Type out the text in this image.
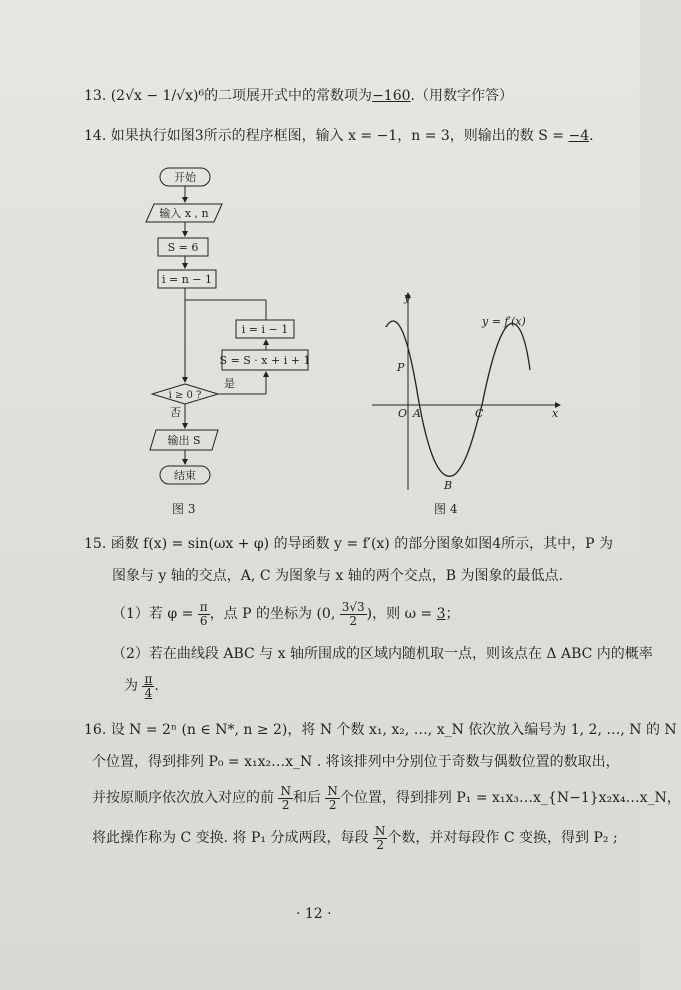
13. (2√x − 1/√x)⁶的二项展开式中的常数项为−160.（用数字作答）
14. 如果执行如图3所示的程序框图，输入 x = −1，n = 3，则输出的数 S = −4.
开始
输入 x , n
S = 6
i = n − 1
i ≥ 0 ?
是
否
S = S · x + i + 1
i = i − 1
输出 S
结束
图 3
y
x
O
y = f′(x)
P
A
B
C
图 4
15. 函数 f(x) = sin(ωx + φ) 的导函数 y = f′(x) 的部分图象如图4所示，其中，P 为
图象与 y 轴的交点，A, C 为图象与 x 轴的两个交点，B 为图象的最低点.
（1）若 $\varphi = \frac{\pi}{6}$ ，点 P 的坐标为 (0, $\frac{3√3}{2}$ )，则 ω = 3；
（2）若在曲线段 ABC 与 x 轴所围成的区域内随机取一点，则该点在 Δ ABC 内的概率
为 $\frac{\pi}{4}$ .
16. 设 N = 2ⁿ (n ∈ N*, n ≥ 2)，将 N 个数 x₁, x₂, …, x_N 依次放入编号为 1, 2, …, N 的 N
个位置，得到排列 P₀ = x₁x₂…x_N . 将该排列中分别位于奇数与偶数位置的数取出，
并按原顺序依次放入对应的前 $\frac{N}{2}$ 和后 $\frac{N}{2}$ 个位置，得到排列 P₁ = x₁x₃…x_{N−1}x₂x₄…x_N，
将此操作称为 C 变换. 将 P₁ 分成两段，每段 $\frac{N}{2}$ 个数，并对每段作 C 变换，得到 P₂ ;
· 12 ·
